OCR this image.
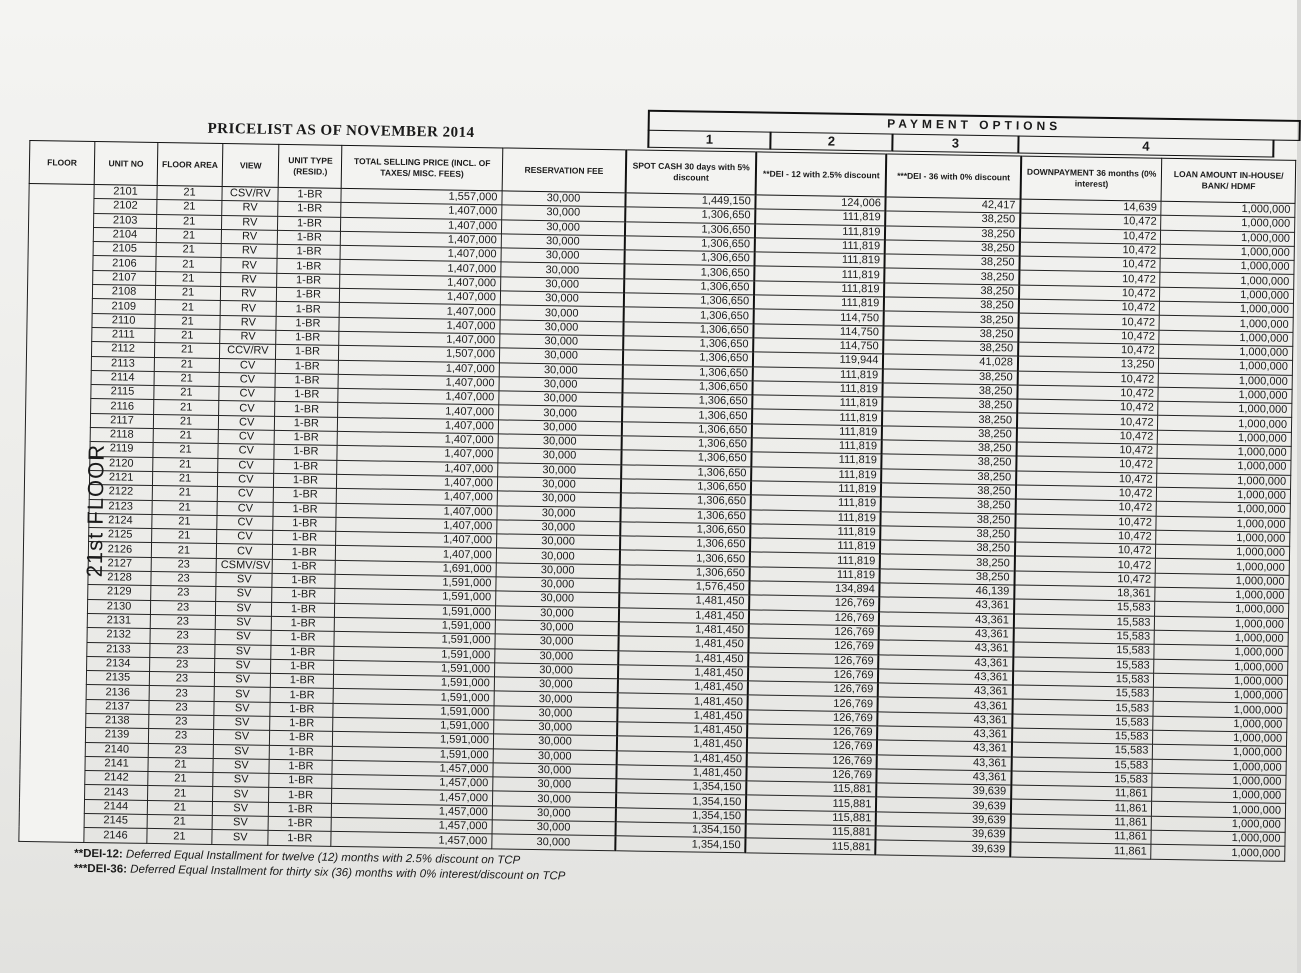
PRICELIST AS OF NOVEMBER 2014	PAYMENT OPTIONS
1	2	3	4
FLOOR	UNIT NO	FLOOR AREA	VIEW	UNIT TYPE (RESID.)	TOTAL SELLING PRICE (INCL. OF TAXES/ MISC. FEES)	RESERVATION FEE	SPOT CASH 30 days with 5% discount	**DEI - 12 with 2.5% discount	***DEI - 36 with 0% discount	DOWNPAYMENT 36 months (0% interest)	LOAN AMOUNT IN-HOUSE/ BANK/ HDMF
21st FLOOR	2101	21	CSV/RV	1-BR	1,557,000	30,000	1,449,150	124,006	42,417	14,639	1,000,000
	2102	21	RV	1-BR	1,407,000	30,000	1,306,650	111,819	38,250	10,472	1,000,000
	2103	21	RV	1-BR	1,407,000	30,000	1,306,650	111,819	38,250	10,472	1,000,000
	2104	21	RV	1-BR	1,407,000	30,000	1,306,650	111,819	38,250	10,472	1,000,000
	2105	21	RV	1-BR	1,407,000	30,000	1,306,650	111,819	38,250	10,472	1,000,000
	2106	21	RV	1-BR	1,407,000	30,000	1,306,650	111,819	38,250	10,472	1,000,000
	2107	21	RV	1-BR	1,407,000	30,000	1,306,650	111,819	38,250	10,472	1,000,000
	2108	21	RV	1-BR	1,407,000	30,000	1,306,650	111,819	38,250	10,472	1,000,000
	2109	21	RV	1-BR	1,407,000	30,000	1,306,650	114,750	38,250	10,472	1,000,000
	2110	21	RV	1-BR	1,407,000	30,000	1,306,650	114,750	38,250	10,472	1,000,000
	2111	21	RV	1-BR	1,407,000	30,000	1,306,650	114,750	38,250	10,472	1,000,000
	2112	21	CCV/RV	1-BR	1,507,000	30,000	1,306,650	119,944	41,028	13,250	1,000,000
	2113	21	CV	1-BR	1,407,000	30,000	1,306,650	111,819	38,250	10,472	1,000,000
	2114	21	CV	1-BR	1,407,000	30,000	1,306,650	111,819	38,250	10,472	1,000,000
	2115	21	CV	1-BR	1,407,000	30,000	1,306,650	111,819	38,250	10,472	1,000,000
	2116	21	CV	1-BR	1,407,000	30,000	1,306,650	111,819	38,250	10,472	1,000,000
	2117	21	CV	1-BR	1,407,000	30,000	1,306,650	111,819	38,250	10,472	1,000,000
	2118	21	CV	1-BR	1,407,000	30,000	1,306,650	111,819	38,250	10,472	1,000,000
	2119	21	CV	1-BR	1,407,000	30,000	1,306,650	111,819	38,250	10,472	1,000,000
	2120	21	CV	1-BR	1,407,000	30,000	1,306,650	111,819	38,250	10,472	1,000,000
	2121	21	CV	1-BR	1,407,000	30,000	1,306,650	111,819	38,250	10,472	1,000,000
	2122	21	CV	1-BR	1,407,000	30,000	1,306,650	111,819	38,250	10,472	1,000,000
	2123	21	CV	1-BR	1,407,000	30,000	1,306,650	111,819	38,250	10,472	1,000,000
	2124	21	CV	1-BR	1,407,000	30,000	1,306,650	111,819	38,250	10,472	1,000,000
	2125	21	CV	1-BR	1,407,000	30,000	1,306,650	111,819	38,250	10,472	1,000,000
	2126	21	CV	1-BR	1,407,000	30,000	1,306,650	111,819	38,250	10,472	1,000,000
	2127	23	CSMV/SV	1-BR	1,691,000	30,000	1,306,650	111,819	38,250	10,472	1,000,000
	2128	23	SV	1-BR	1,591,000	30,000	1,576,450	134,894	46,139	18,361	1,000,000
	2129	23	SV	1-BR	1,591,000	30,000	1,481,450	126,769	43,361	15,583	1,000,000
	2130	23	SV	1-BR	1,591,000	30,000	1,481,450	126,769	43,361	15,583	1,000,000
	2131	23	SV	1-BR	1,591,000	30,000	1,481,450	126,769	43,361	15,583	1,000,000
	2132	23	SV	1-BR	1,591,000	30,000	1,481,450	126,769	43,361	15,583	1,000,000
	2133	23	SV	1-BR	1,591,000	30,000	1,481,450	126,769	43,361	15,583	1,000,000
	2134	23	SV	1-BR	1,591,000	30,000	1,481,450	126,769	43,361	15,583	1,000,000
	2135	23	SV	1-BR	1,591,000	30,000	1,481,450	126,769	43,361	15,583	1,000,000
	2136	23	SV	1-BR	1,591,000	30,000	1,481,450	126,769	43,361	15,583	1,000,000
	2137	23	SV	1-BR	1,591,000	30,000	1,481,450	126,769	43,361	15,583	1,000,000
	2138	23	SV	1-BR	1,591,000	30,000	1,481,450	126,769	43,361	15,583	1,000,000
	2139	23	SV	1-BR	1,591,000	30,000	1,481,450	126,769	43,361	15,583	1,000,000
	2140	23	SV	1-BR	1,591,000	30,000	1,481,450	126,769	43,361	15,583	1,000,000
	2141	21	SV	1-BR	1,457,000	30,000	1,481,450	126,769	43,361	15,583	1,000,000
	2142	21	SV	1-BR	1,457,000	30,000	1,354,150	115,881	39,639	11,861	1,000,000
	2143	21	SV	1-BR	1,457,000	30,000	1,354,150	115,881	39,639	11,861	1,000,000
	2144	21	SV	1-BR	1,457,000	30,000	1,354,150	115,881	39,639	11,861	1,000,000
	2145	21	SV	1-BR	1,457,000	30,000	1,354,150	115,881	39,639	11,861	1,000,000
	2146	21	SV	1-BR	1,457,000	30,000	1,354,150	115,881	39,639	11,861	1,000,000
**DEI-12: Deferred Equal Installment for twelve (12) months with 2.5% discount on TCP
***DEI-36: Deferred Equal Installment for thirty six (36) months with 0% interest/discount on TCP
